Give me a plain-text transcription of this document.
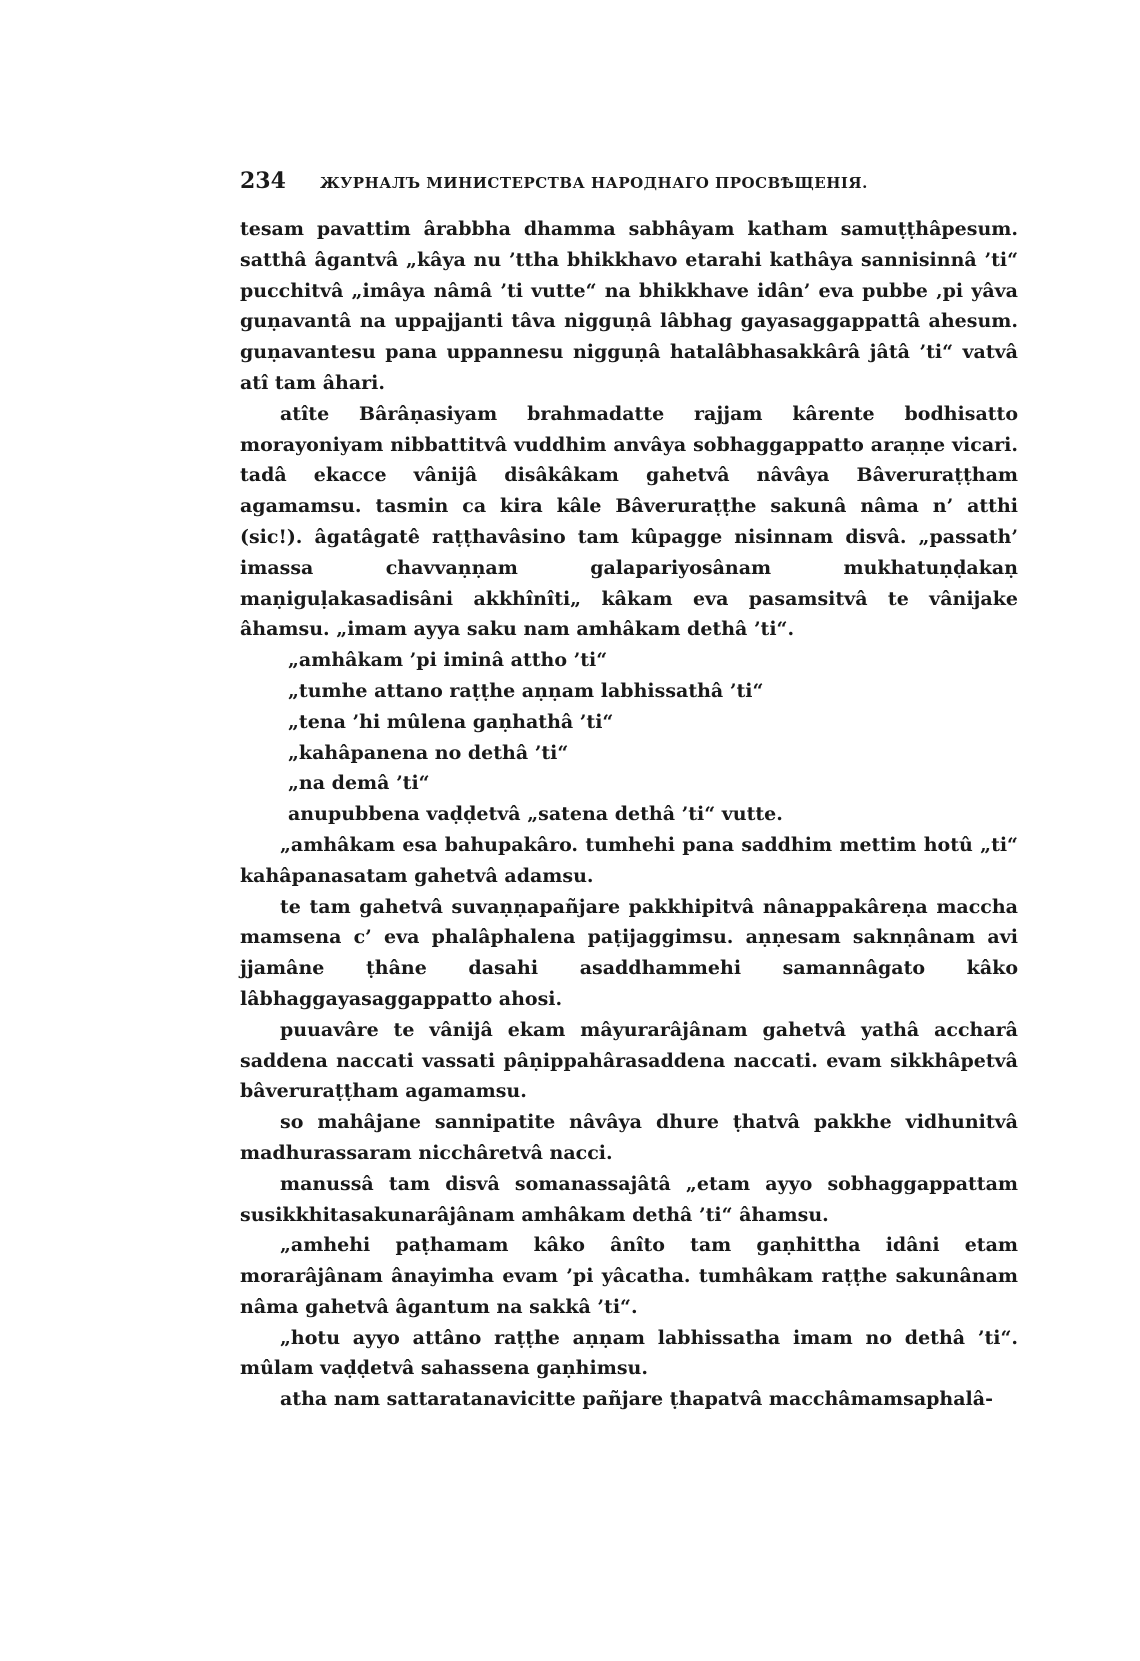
234 ЖУРНАЛЪ МИНИСТЕРСТВА НАРОДНАГО ПРОСВѢЩЕНІЯ.

tesam pavattim ârabbha dhamma sabhâyam katham samuṭṭhâpesum. satthâ âgantvâ „kâya nu ’ttha bhikkhavo etarahi kathâya sannisinnâ ’ti“ pucchitvâ „imâya nâmâ ’ti vutte“ na bhikkhave idân’ eva pubbe ‚pi yâva guṇavantâ na uppajjanti tâva nigguṇâ lâbhag gayasaggappattâ ahesum. guṇavantesu pana uppannesu nigguṇâ hatalâbhasakkârâ jâtâ ’ti“ vatvâ atî tam âhari.

atîte Bârâṇasiyam brahmadatte rajjam kârente bodhisatto morayoniyam nibbattitvâ vuddhim anvâya sobhaggappatto araṇṇe vicari. tadâ ekacce vânijâ disâkâkam gahetvâ nâvâya Bâveruraṭṭham agamamsu. tasmin ca kira kâle Bâveruraṭṭhe sakunâ nâma n’ atthi (sic!). âgatâgatê raṭṭhavâsino tam kûpagge nisinnam disvâ. „passath’ imassa chavvaṇṇam galapariyosânam mukhatuṇḍakaṇ maṇiguḷakasadisâni akkhînîti„ kâkam eva pasamsitvâ te vânijake âhamsu. „imam ayya saku nam amhâkam dethâ ’ti“.

„amhâkam ’pi iminâ attho ’ti“

„tumhe attano raṭṭhe aṇṇam labhissathâ ’ti“

„tena ’hi mûlena gaṇhathâ ’ti“

„kahâpanena no dethâ ’ti“

„na demâ ’ti“

anupubbena vaḍḍetvâ „satena dethâ ’ti“ vutte.

„amhâkam esa bahupakâro. tumhehi pana saddhim mettim hotû „ti“ kahâpanasatam gahetvâ adamsu.

te tam gahetvâ suvaṇṇapañjare pakkhipitvâ nânappakâreṇa maccha mamsena c’ eva phalâphalena paṭijaggimsu. aṇṇesam saknṇânam avi jjamâne ṭhâne dasahi asaddhammehi samannâgato kâko lâbhaggayasaggappatto ahosi.

puuavâre te vânijâ ekam mâyurarâjânam gahetvâ yathâ accharâ saddena naccati vassati pâṇippahârasaddena naccati. evam sikkhâpetvâ bâveruraṭṭham agamamsu.

so mahâjane sannipatite nâvâya dhure ṭhatvâ pakkhe vidhunitvâ madhurassaram nicchâretvâ nacci.

manussâ tam disvâ somanassajâtâ „etam ayyo sobhaggappattam susikkhitasakunarâjânam amhâkam dethâ ’ti“ âhamsu.

„amhehi paṭhamam kâko ânîto tam gaṇhittha idâni etam morarâjânam ânayimha evam ’pi yâcatha. tumhâkam raṭṭhe sakunânam nâma gahetvâ âgantum na sakkâ ’ti“.

„hotu ayyo attâno raṭṭhe aṇṇam labhissatha imam no dethâ ’ti“. mûlam vaḍḍetvâ sahassena gaṇhimsu.

atha nam sattaratanavicitte pañjare ṭhapatvâ macchâmamsaphalâ-
